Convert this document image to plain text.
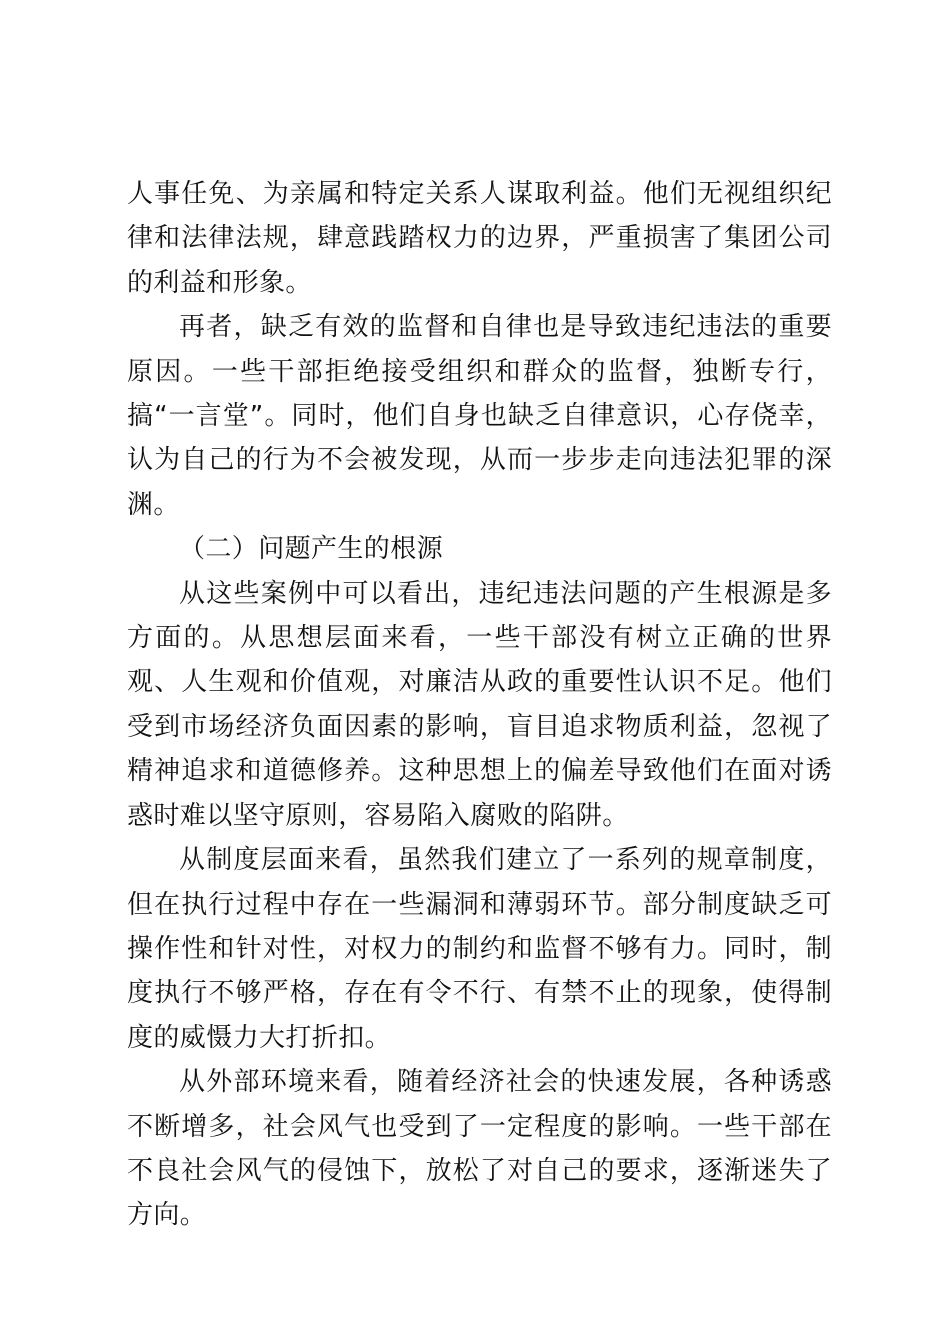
人事任免、为亲属和特定关系人谋取利益。他们无视组织纪律和法律法规，肆意践踏权力的边界，严重损害了集团公司的利益和形象。

再者，缺乏有效的监督和自律也是导致违纪违法的重要原因。一些干部拒绝接受组织和群众的监督，独断专行，搞“一言堂”。同时，他们自身也缺乏自律意识，心存侥幸，认为自己的行为不会被发现，从而一步步走向违法犯罪的深渊。

（二）问题产生的根源

从这些案例中可以看出，违纪违法问题的产生根源是多方面的。从思想层面来看，一些干部没有树立正确的世界观、人生观和价值观，对廉洁从政的重要性认识不足。他们受到市场经济负面因素的影响，盲目追求物质利益，忽视了精神追求和道德修养。这种思想上的偏差导致他们在面对诱惑时难以坚守原则，容易陷入腐败的陷阱。

从制度层面来看，虽然我们建立了一系列的规章制度，但在执行过程中存在一些漏洞和薄弱环节。部分制度缺乏可操作性和针对性，对权力的制约和监督不够有力。同时，制度执行不够严格，存在有令不行、有禁不止的现象，使得制度的威慑力大打折扣。

从外部环境来看，随着经济社会的快速发展，各种诱惑不断增多，社会风气也受到了一定程度的影响。一些干部在不良社会风气的侵蚀下，放松了对自己的要求，逐渐迷失了方向。
